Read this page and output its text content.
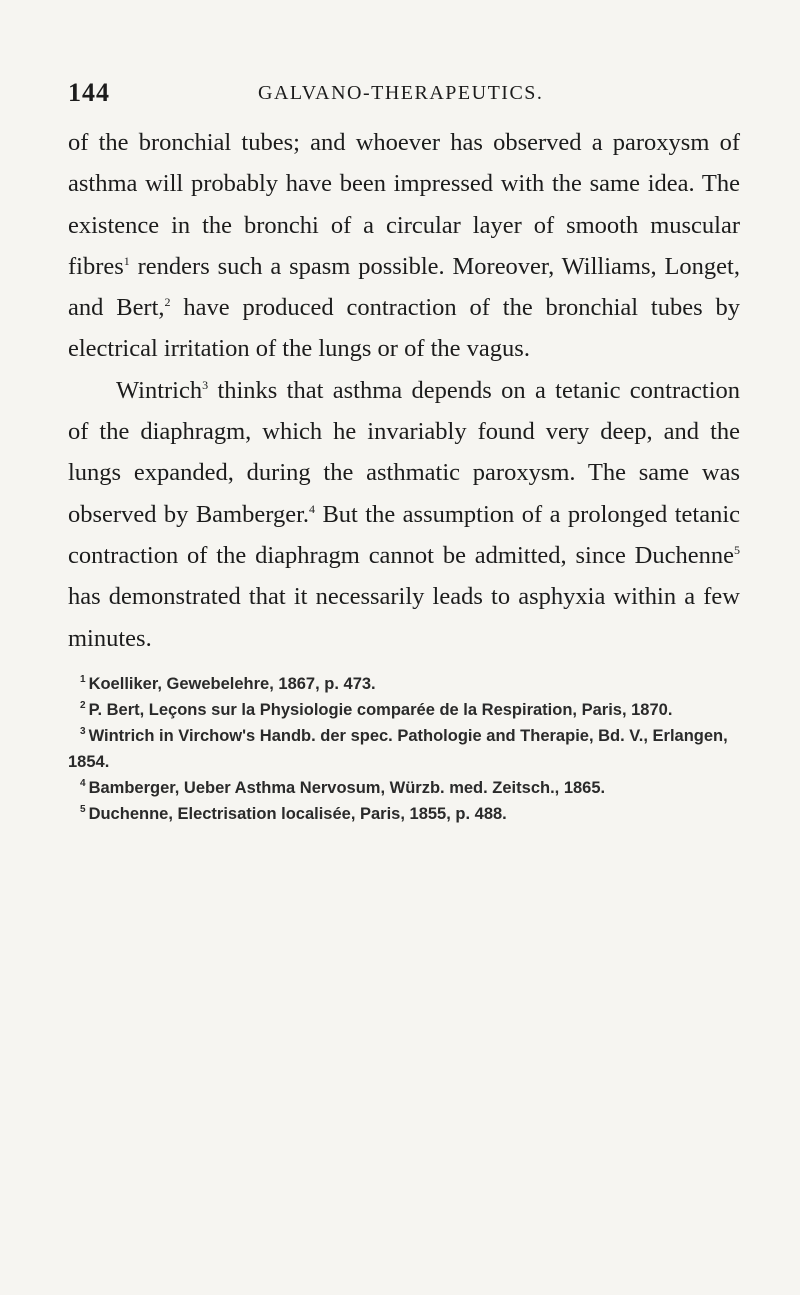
144	GALVANO-THERAPEUTICS.

of the bronchial tubes; and whoever has observed a paroxysm of asthma will probably have been impressed with the same idea. The existence in the bronchi of a circular layer of smooth muscular fibres$^1$ renders such a spasm possible. Moreover, Williams, Longet, and Bert,$^2$ have produced contraction of the bronchial tubes by electrical irritation of the lungs or of the vagus.

Wintrich$^3$ thinks that asthma depends on a tetanic contraction of the diaphragm, which he invariably found very deep, and the lungs expanded, during the asthmatic paroxysm. The same was observed by Bamberger.$^4$ But the assumption of a prolonged tetanic contraction of the diaphragm cannot be admitted, since Duchenne$^5$ has demonstrated that it necessarily leads to asphyxia within a few minutes.

$^1$ Koelliker, Gewebelehre, 1867, p. 473.

$^2$ P. Bert, Leçons sur la Physiologie comparée de la Respiration, Paris, 1870.

$^3$ Wintrich in Virchow's Handb. der spec. Pathologie and Therapie, Bd. V., Erlangen, 1854.

$^4$ Bamberger, Ueber Asthma Nervosum, Würzb. med. Zeitsch., 1865.

$^5$ Duchenne, Electrisation localisée, Paris, 1855, p. 488.
